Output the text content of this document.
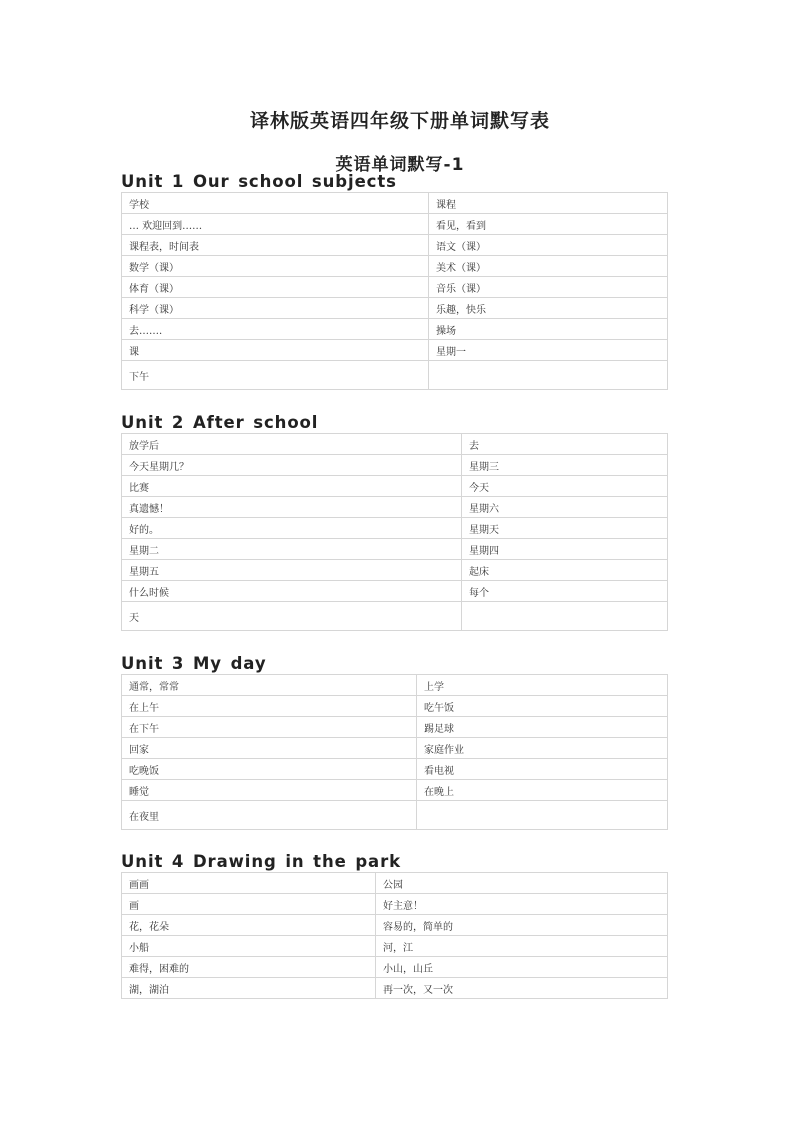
译林版英语四年级下册单词默写表
英语单词默写-1
Unit 1 Our school subjects
学校	课程
… 欢迎回到……	看见，看到
课程表，时间表	语文（课）
数学（课）	美术（课）
体育（课）	音乐（课）
科学（课）	乐趣，快乐
去…….	操场
课	星期一
下午	
Unit 2 After school
放学后	去
今天星期几？	星期三
比赛	今天
真遗憾！	星期六
好的。	星期天
星期二	星期四
星期五	起床
什么时候	每个
天	
Unit 3 My day
通常，常常	上学
在上午	吃午饭
在下午	踢足球
回家	家庭作业
吃晚饭	看电视
睡觉	在晚上
在夜里	
Unit 4 Drawing in the park
画画	公园
画	好主意！
花，花朵	容易的，简单的
小船	河，江
难得，困难的	小山，山丘
湖，湖泊	再一次，又一次
